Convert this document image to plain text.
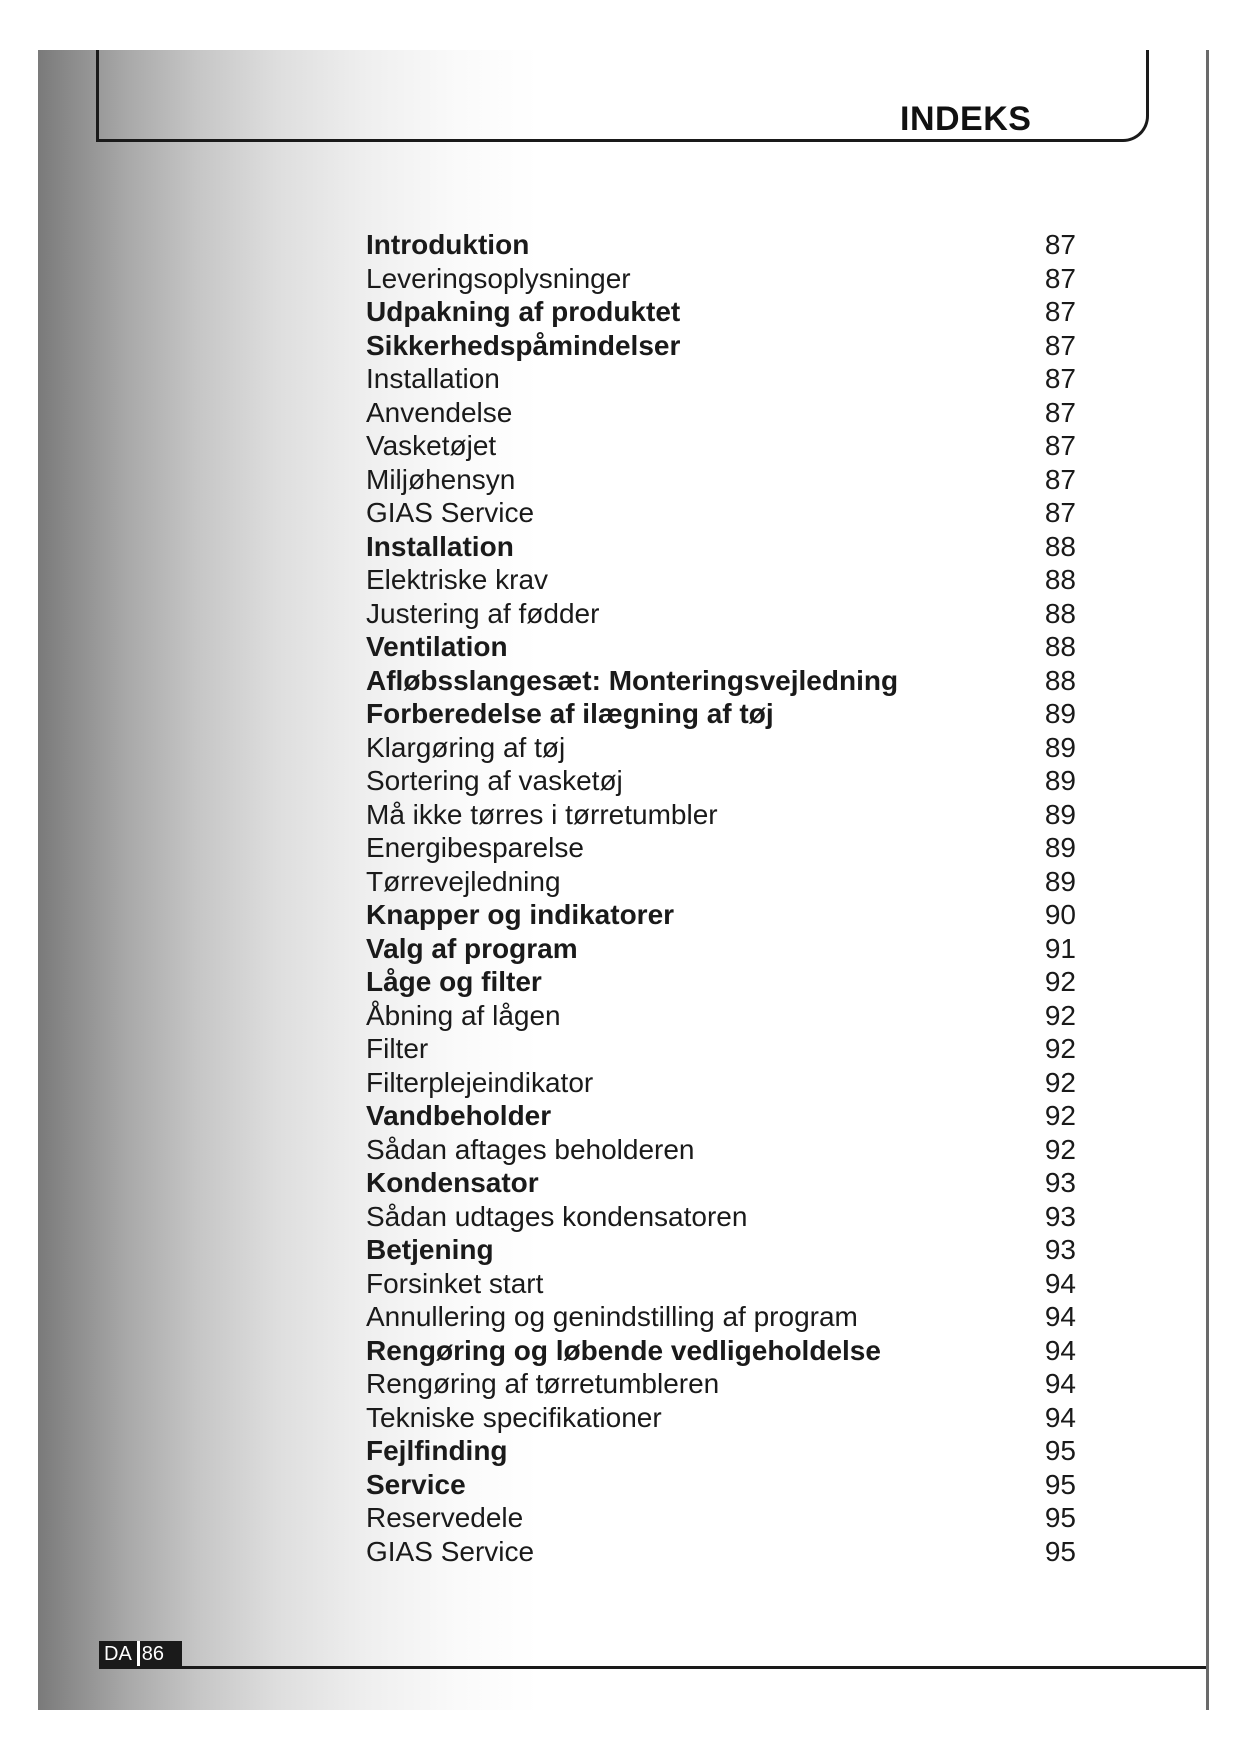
INDEKS
Introduktion	87
Leveringsoplysninger	87
Udpakning af produktet	87
Sikkerhedspåmindelser	87
Installation	87
Anvendelse	87
Vasketøjet	87
Miljøhensyn	87
GIAS Service	87
Installation	88
Elektriske krav	88
Justering af fødder	88
Ventilation	88
Afløbsslangesæt: Monteringsvejledning	88
Forberedelse af ilægning af tøj	89
Klargøring af tøj	89
Sortering af vasketøj	89
Må ikke tørres i tørretumbler	89
Energibesparelse	89
Tørrevejledning	89
Knapper og indikatorer	90
Valg af program	91
Låge og filter	92
Åbning af lågen	92
Filter	92
Filterplejeindikator	92
Vandbeholder	92
Sådan aftages beholderen	92
Kondensator	93
Sådan udtages kondensatoren	93
Betjening	93
Forsinket start	94
Annullering og genindstilling af program	94
Rengøring og løbende vedligeholdelse	94
Rengøring af tørretumbleren	94
Tekniske specifikationer	94
Fejlfinding	95
Service	95
Reservedele	95
GIAS Service	95
DA 86
